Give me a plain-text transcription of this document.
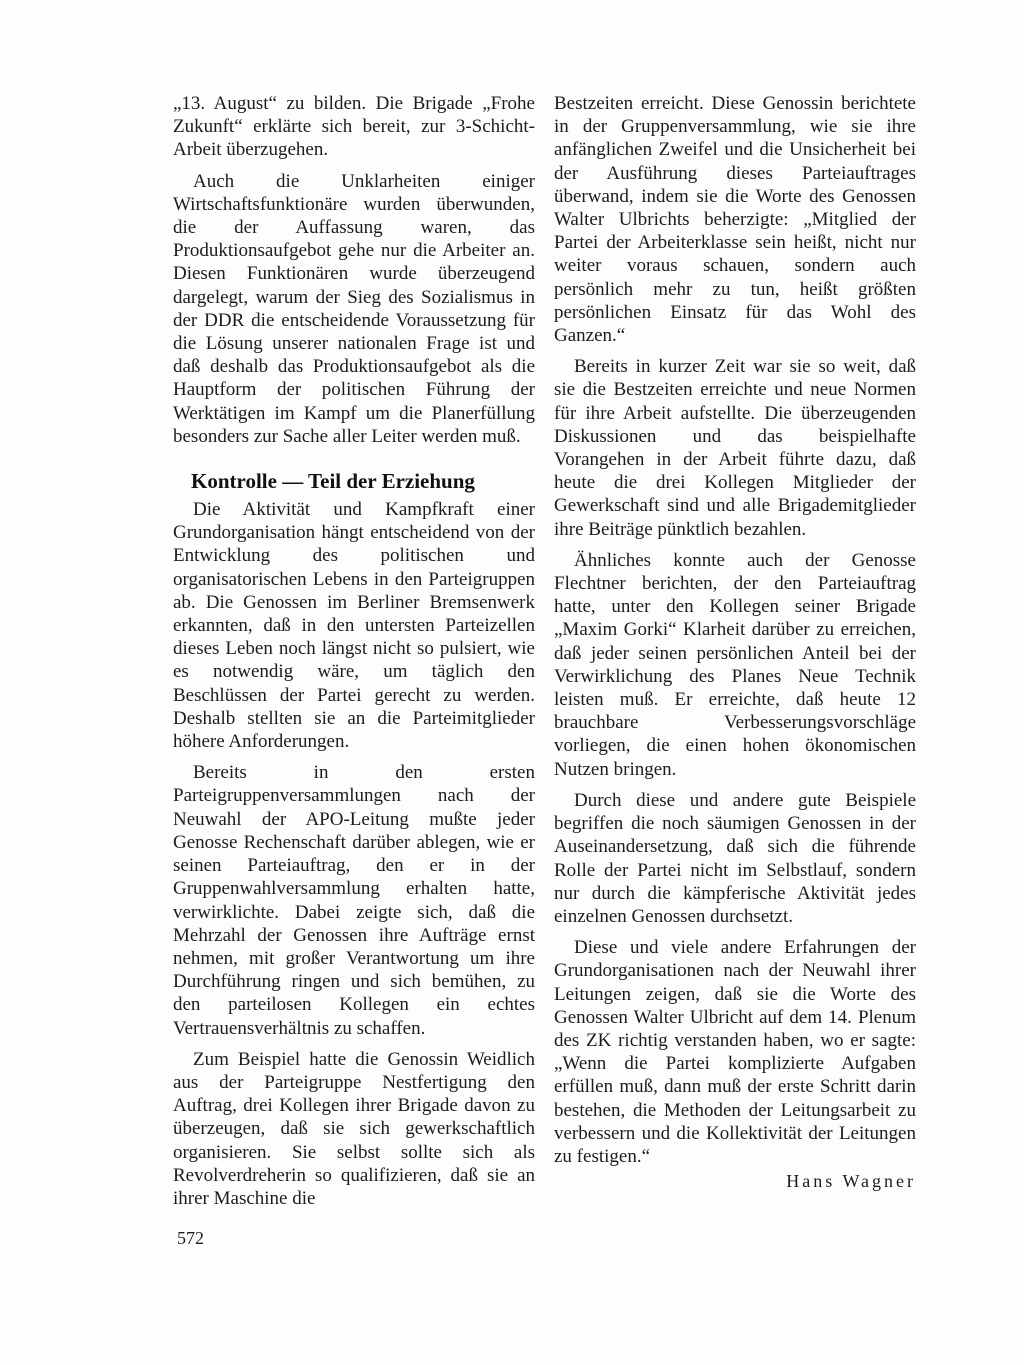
„13. August“ zu bilden. Die Brigade „Frohe Zukunft“ erklärte sich bereit, zur 3-Schicht-Arbeit überzugehen.

Auch die Unklarheiten einiger Wirtschaftsfunktionäre wurden überwunden, die der Auffassung waren, das Produktionsaufgebot gehe nur die Arbeiter an. Diesen Funktionären wurde überzeugend dargelegt, warum der Sieg des Sozialismus in der DDR die entscheidende Voraussetzung für die Lösung unserer nationalen Frage ist und daß deshalb das Produktionsaufgebot als die Hauptform der politischen Führung der Werktätigen im Kampf um die Planerfüllung besonders zur Sache aller Leiter werden muß.

Kontrolle — Teil der Erziehung

Die Aktivität und Kampfkraft einer Grundorganisation hängt entscheidend von der Entwicklung des politischen und organisatorischen Lebens in den Parteigruppen ab. Die Genossen im Berliner Bremsenwerk erkannten, daß in den untersten Parteizellen dieses Leben noch längst nicht so pulsiert, wie es notwendig wäre, um täglich den Beschlüssen der Partei gerecht zu werden. Deshalb stellten sie an die Parteimitglieder höhere Anforderungen.

Bereits in den ersten Parteigruppenversammlungen nach der Neuwahl der APO-Leitung mußte jeder Genosse Rechenschaft darüber ablegen, wie er seinen Parteiauftrag, den er in der Gruppenwahlversammlung erhalten hatte, verwirklichte. Dabei zeigte sich, daß die Mehrzahl der Genossen ihre Aufträge ernst nehmen, mit großer Verantwortung um ihre Durchführung ringen und sich bemühen, zu den parteilosen Kollegen ein echtes Vertrauensverhältnis zu schaffen.

Zum Beispiel hatte die Genossin Weidlich aus der Parteigruppe Nestfertigung den Auftrag, drei Kollegen ihrer Brigade davon zu überzeugen, daß sie sich gewerkschaftlich organisieren. Sie selbst sollte sich als Revolverdreherin so qualifizieren, daß sie an ihrer Maschine die

Bestzeiten erreicht. Diese Genossin berichtete in der Gruppenversammlung, wie sie ihre anfänglichen Zweifel und die Unsicherheit bei der Ausführung dieses Parteiauftrages überwand, indem sie die Worte des Genossen Walter Ulbrichts beherzigte: „Mitglied der Partei der Arbeiterklasse sein heißt, nicht nur weiter voraus schauen, sondern auch persönlich mehr zu tun, heißt größten persönlichen Einsatz für das Wohl des Ganzen.“

Bereits in kurzer Zeit war sie so weit, daß sie die Bestzeiten erreichte und neue Normen für ihre Arbeit aufstellte. Die überzeugenden Diskussionen und das beispielhafte Vorangehen in der Arbeit führte dazu, daß heute die drei Kollegen Mitglieder der Gewerkschaft sind und alle Brigademitglieder ihre Beiträge pünktlich bezahlen.

Ähnliches konnte auch der Genosse Flechtner berichten, der den Parteiauftrag hatte, unter den Kollegen seiner Brigade „Maxim Gorki“ Klarheit darüber zu erreichen, daß jeder seinen persönlichen Anteil bei der Verwirklichung des Planes Neue Technik leisten muß. Er erreichte, daß heute 12 brauchbare Verbesserungsvorschläge vorliegen, die einen hohen ökonomischen Nutzen bringen.

Durch diese und andere gute Beispiele begriffen die noch säumigen Genossen in der Auseinandersetzung, daß sich die führende Rolle der Partei nicht im Selbstlauf, sondern nur durch die kämpferische Aktivität jedes einzelnen Genossen durchsetzt.

Diese und viele andere Erfahrungen der Grundorganisationen nach der Neuwahl ihrer Leitungen zeigen, daß sie die Worte des Genossen Walter Ulbricht auf dem 14. Plenum des ZK richtig verstanden haben, wo er sagte: „Wenn die Partei komplizierte Aufgaben erfüllen muß, dann muß der erste Schritt darin bestehen, die Methoden der Leitungsarbeit zu verbessern und die Kollektivität der Leitungen zu festigen.“

Hans Wagner
572
